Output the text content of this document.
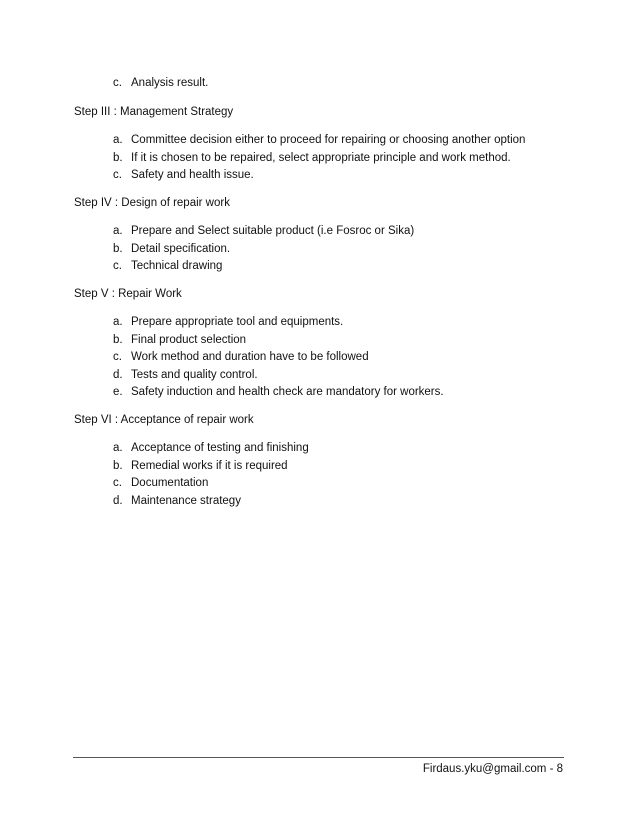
c. Analysis result.
Step III : Management Strategy
a. Committee decision either to proceed for repairing or choosing another option
b. If it is chosen to be repaired, select appropriate principle and work method.
c. Safety and health issue.
Step IV : Design of repair work
a. Prepare and Select suitable product (i.e Fosroc or Sika)
b. Detail specification.
c. Technical drawing
Step V : Repair Work
a. Prepare appropriate tool and equipments.
b. Final product selection
c. Work method and duration have to be followed
d. Tests and quality control.
e. Safety induction and health check are mandatory for workers.
Step VI : Acceptance of repair work
a. Acceptance of testing and finishing
b. Remedial works if it is required
c. Documentation
d. Maintenance strategy
Firdaus.yku@gmail.com - 8
